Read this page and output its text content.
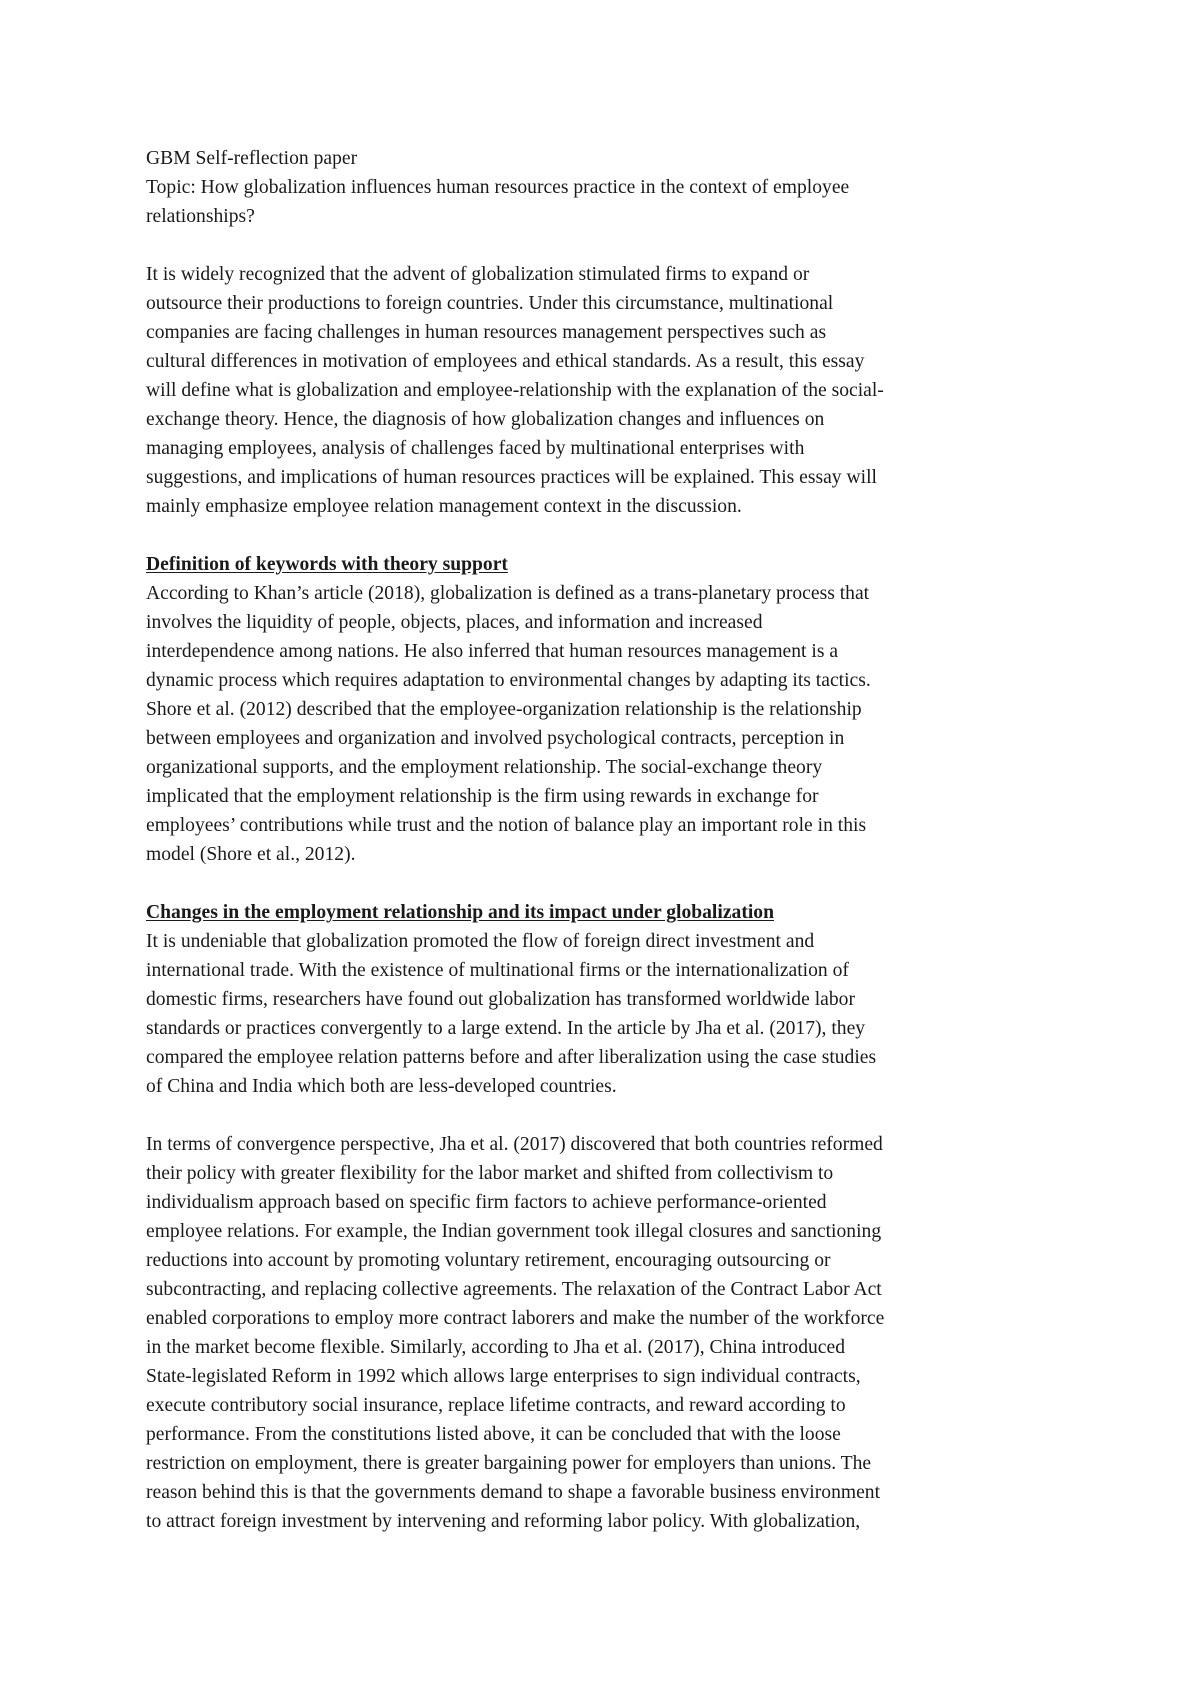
GBM Self-reflection paper

Topic: How globalization influences human resources practice in the context of employee
relationships?

It is widely recognized that the advent of globalization stimulated firms to expand or
outsource their productions to foreign countries. Under this circumstance, multinational
companies are facing challenges in human resources management perspectives such as
cultural differences in motivation of employees and ethical standards. As a result, this essay
will define what is globalization and employee-relationship with the explanation of the social-
exchange theory. Hence, the diagnosis of how globalization changes and influences on
managing employees, analysis of challenges faced by multinational enterprises with
suggestions, and implications of human resources practices will be explained. This essay will
mainly emphasize employee relation management context in the discussion.

Definition of keywords with theory support
According to Khan’s article (2018), globalization is defined as a trans-planetary process that
involves the liquidity of people, objects, places, and information and increased
interdependence among nations. He also inferred that human resources management is a
dynamic process which requires adaptation to environmental changes by adapting its tactics.
Shore et al. (2012) described that the employee-organization relationship is the relationship
between employees and organization and involved psychological contracts, perception in
organizational supports, and the employment relationship. The social-exchange theory
implicated that the employment relationship is the firm using rewards in exchange for
employees’ contributions while trust and the notion of balance play an important role in this
model (Shore et al., 2012).

Changes in the employment relationship and its impact under globalization
It is undeniable that globalization promoted the flow of foreign direct investment and
international trade. With the existence of multinational firms or the internationalization of
domestic firms, researchers have found out globalization has transformed worldwide labor
standards or practices convergently to a large extend. In the article by Jha et al. (2017), they
compared the employee relation patterns before and after liberalization using the case studies
of China and India which both are less-developed countries.

In terms of convergence perspective, Jha et al. (2017) discovered that both countries reformed
their policy with greater flexibility for the labor market and shifted from collectivism to
individualism approach based on specific firm factors to achieve performance-oriented
employee relations. For example, the Indian government took illegal closures and sanctioning
reductions into account by promoting voluntary retirement, encouraging outsourcing or
subcontracting, and replacing collective agreements. The relaxation of the Contract Labor Act
enabled corporations to employ more contract laborers and make the number of the workforce
in the market become flexible. Similarly, according to Jha et al. (2017), China introduced
State-legislated Reform in 1992 which allows large enterprises to sign individual contracts,
execute contributory social insurance, replace lifetime contracts, and reward according to
performance. From the constitutions listed above, it can be concluded that with the loose
restriction on employment, there is greater bargaining power for employers than unions. The
reason behind this is that the governments demand to shape a favorable business environment
to attract foreign investment by intervening and reforming labor policy. With globalization,
